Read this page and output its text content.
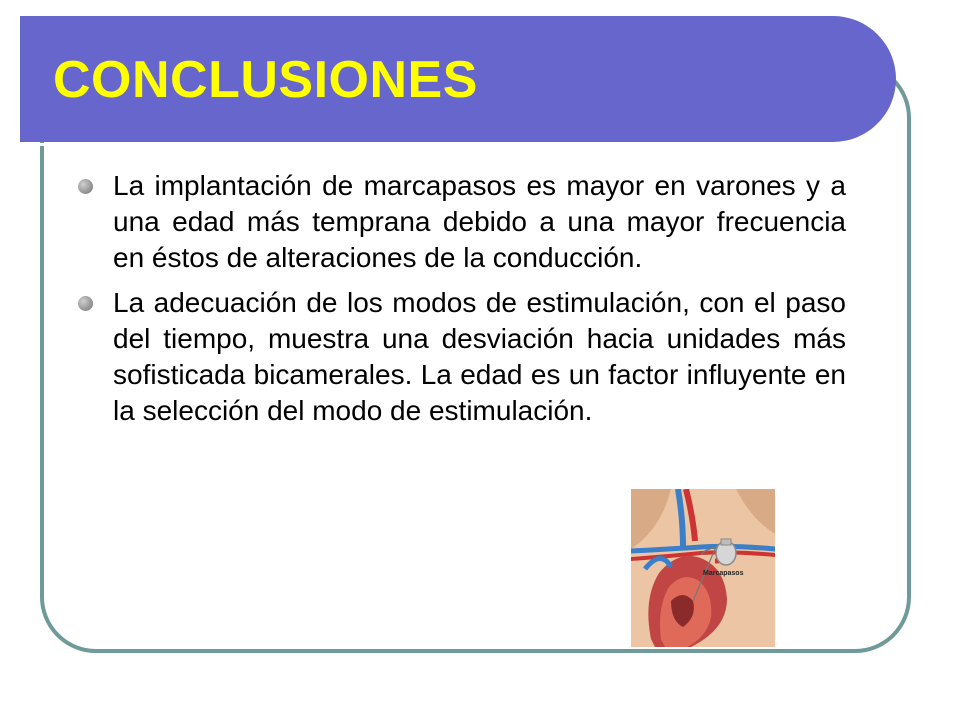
CONCLUSIONES
La implantación de marcapasos es mayor en varones y a una edad más temprana debido a una mayor frecuencia en éstos de alteraciones de la conducción.
La adecuación de los modos de estimulación, con el paso del tiempo, muestra una desviación hacia unidades más sofisticada bicamerales. La edad es un factor influyente en la selección del modo de estimulación.
Marcapasos
